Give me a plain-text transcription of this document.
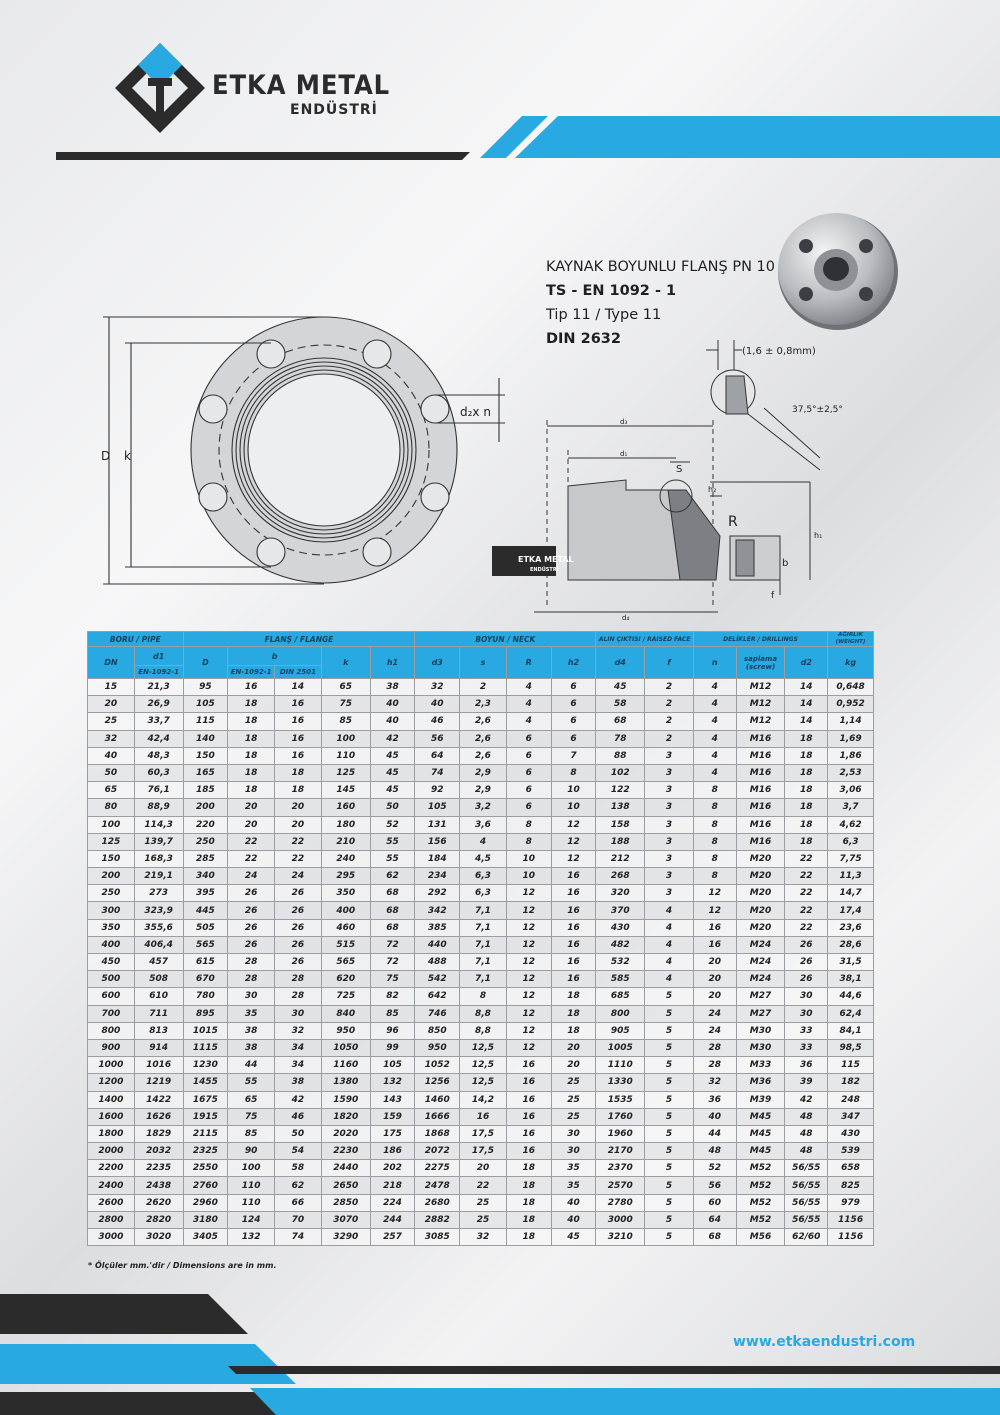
ETKA METAL
ENDÜSTRİ
KAYNAK BOYUNLU FLANŞ PN 10
TS - EN 1092 - 1
Tip 11 / Type 11
DIN 2632
D k
d₂x n
ETKA METAL
ENDÜSTRİ
(1,6 ± 0,8mm)
37,5°±2,5°
d₃
d₁
S
h₂
R
h₁
b
f
d₄
BORU / PIPE		FLANŞ / FLANGE					BOYUN / NECK				ALIN ÇIKTISI / RAISED FACE		DELİKLER / DRILLINGS			AĞIRLIK (WEIGHT)
DN	d1	D	b		k	h1	d3	s	R	h2	d4	f	n	saplama (screw)	d2	kg
	EN-1092-1		EN-1092-1	DIN 2501												
15	21,3	95	16	14	65	38	32	2	4	6	45	2	4	M12	14	0,648
20	26,9	105	18	16	75	40	40	2,3	4	6	58	2	4	M12	14	0,952
25	33,7	115	18	16	85	40	46	2,6	4	6	68	2	4	M12	14	1,14
32	42,4	140	18	16	100	42	56	2,6	6	6	78	2	4	M16	18	1,69
40	48,3	150	18	16	110	45	64	2,6	6	7	88	3	4	M16	18	1,86
50	60,3	165	18	18	125	45	74	2,9	6	8	102	3	4	M16	18	2,53
65	76,1	185	18	18	145	45	92	2,9	6	10	122	3	8	M16	18	3,06
80	88,9	200	20	20	160	50	105	3,2	6	10	138	3	8	M16	18	3,7
100	114,3	220	20	20	180	52	131	3,6	8	12	158	3	8	M16	18	4,62
125	139,7	250	22	22	210	55	156	4	8	12	188	3	8	M16	18	6,3
150	168,3	285	22	22	240	55	184	4,5	10	12	212	3	8	M20	22	7,75
200	219,1	340	24	24	295	62	234	6,3	10	16	268	3	8	M20	22	11,3
250	273	395	26	26	350	68	292	6,3	12	16	320	3	12	M20	22	14,7
300	323,9	445	26	26	400	68	342	7,1	12	16	370	4	12	M20	22	17,4
350	355,6	505	26	26	460	68	385	7,1	12	16	430	4	16	M20	22	23,6
400	406,4	565	26	26	515	72	440	7,1	12	16	482	4	16	M24	26	28,6
450	457	615	28	26	565	72	488	7,1	12	16	532	4	20	M24	26	31,5
500	508	670	28	28	620	75	542	7,1	12	16	585	4	20	M24	26	38,1
600	610	780	30	28	725	82	642	8	12	18	685	5	20	M27	30	44,6
700	711	895	35	30	840	85	746	8,8	12	18	800	5	24	M27	30	62,4
800	813	1015	38	32	950	96	850	8,8	12	18	905	5	24	M30	33	84,1
900	914	1115	38	34	1050	99	950	12,5	12	20	1005	5	28	M30	33	98,5
1000	1016	1230	44	34	1160	105	1052	12,5	16	20	1110	5	28	M33	36	115
1200	1219	1455	55	38	1380	132	1256	12,5	16	25	1330	5	32	M36	39	182
1400	1422	1675	65	42	1590	143	1460	14,2	16	25	1535	5	36	M39	42	248
1600	1626	1915	75	46	1820	159	1666	16	16	25	1760	5	40	M45	48	347
1800	1829	2115	85	50	2020	175	1868	17,5	16	30	1960	5	44	M45	48	430
2000	2032	2325	90	54	2230	186	2072	17,5	16	30	2170	5	48	M45	48	539
2200	2235	2550	100	58	2440	202	2275	20	18	35	2370	5	52	M52	56/55	658
2400	2438	2760	110	62	2650	218	2478	22	18	35	2570	5	56	M52	56/55	825
2600	2620	2960	110	66	2850	224	2680	25	18	40	2780	5	60	M52	56/55	979
2800	2820	3180	124	70	3070	244	2882	25	18	40	3000	5	64	M52	56/55	1156
3000	3020	3405	132	74	3290	257	3085	32	18	45	3210	5	68	M56	62/60	1156
* Ölçüler mm.'dir / Dimensions are in mm.
www.etkaendustri.com
